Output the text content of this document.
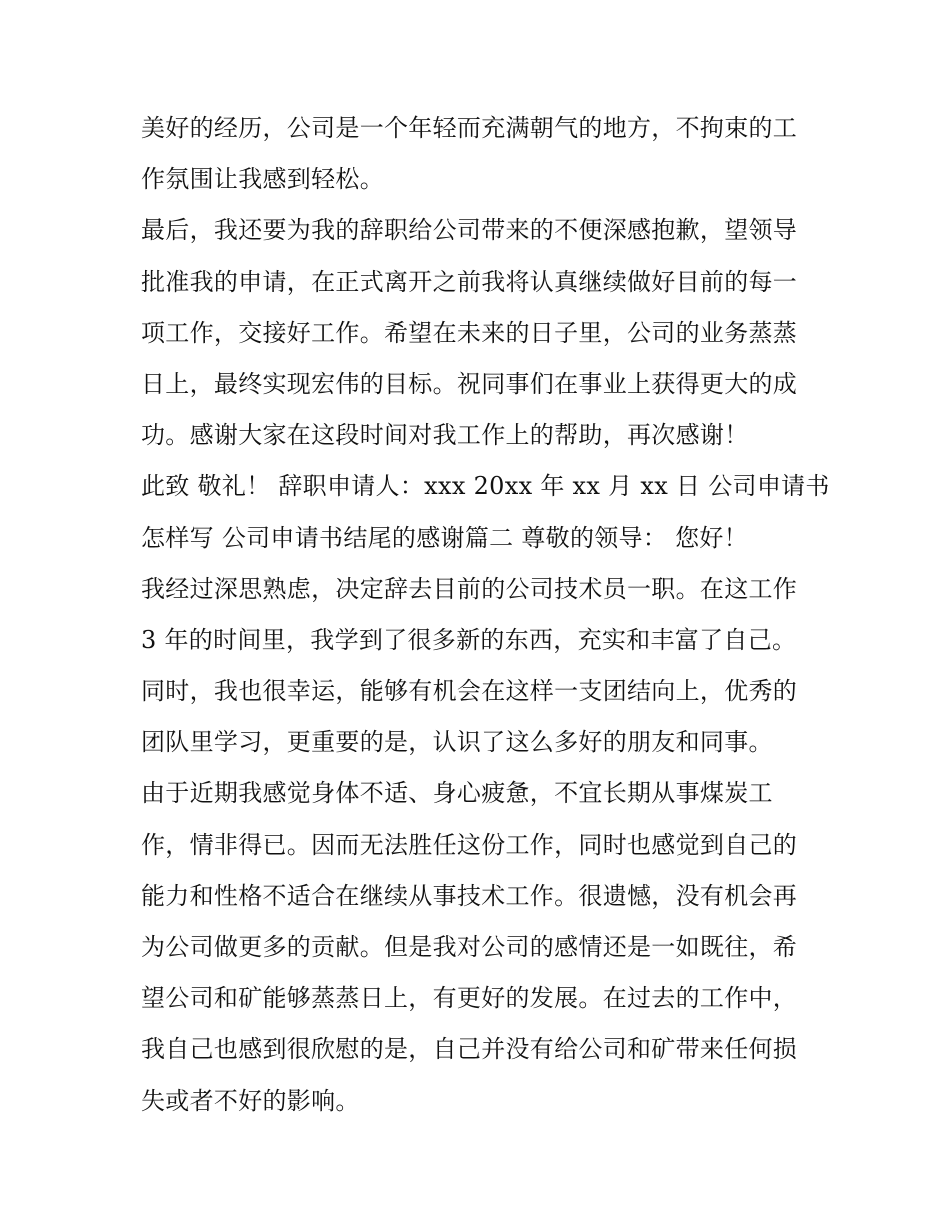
美好的经历，公司是一个年轻而充满朝气的地方，不拘束的工
作氛围让我感到轻松。
最后，我还要为我的辞职给公司带来的不便深感抱歉，望领导
批准我的申请，在正式离开之前我将认真继续做好目前的每一
项工作，交接好工作。希望在未来的日子里，公司的业务蒸蒸
日上，最终实现宏伟的目标。祝同事们在事业上获得更大的成
功。感谢大家在这段时间对我工作上的帮助，再次感谢！
此致 敬礼！ 辞职申请人：xxx 20xx 年 xx 月 xx 日 公司申请书
怎样写 公司申请书结尾的感谢篇二 尊敬的领导： 您好！
我经过深思熟虑，决定辞去目前的公司技术员一职。在这工作
3 年的时间里，我学到了很多新的东西，充实和丰富了自己。
同时，我也很幸运，能够有机会在这样一支团结向上，优秀的
团队里学习，更重要的是，认识了这么多好的朋友和同事。
由于近期我感觉身体不适、身心疲惫，不宜长期从事煤炭工
作，情非得已。因而无法胜任这份工作，同时也感觉到自己的
能力和性格不适合在继续从事技术工作。很遗憾，没有机会再
为公司做更多的贡献。但是我对公司的感情还是一如既往，希
望公司和矿能够蒸蒸日上，有更好的发展。在过去的工作中，
我自己也感到很欣慰的是，自己并没有给公司和矿带来任何损
失或者不好的影响。
